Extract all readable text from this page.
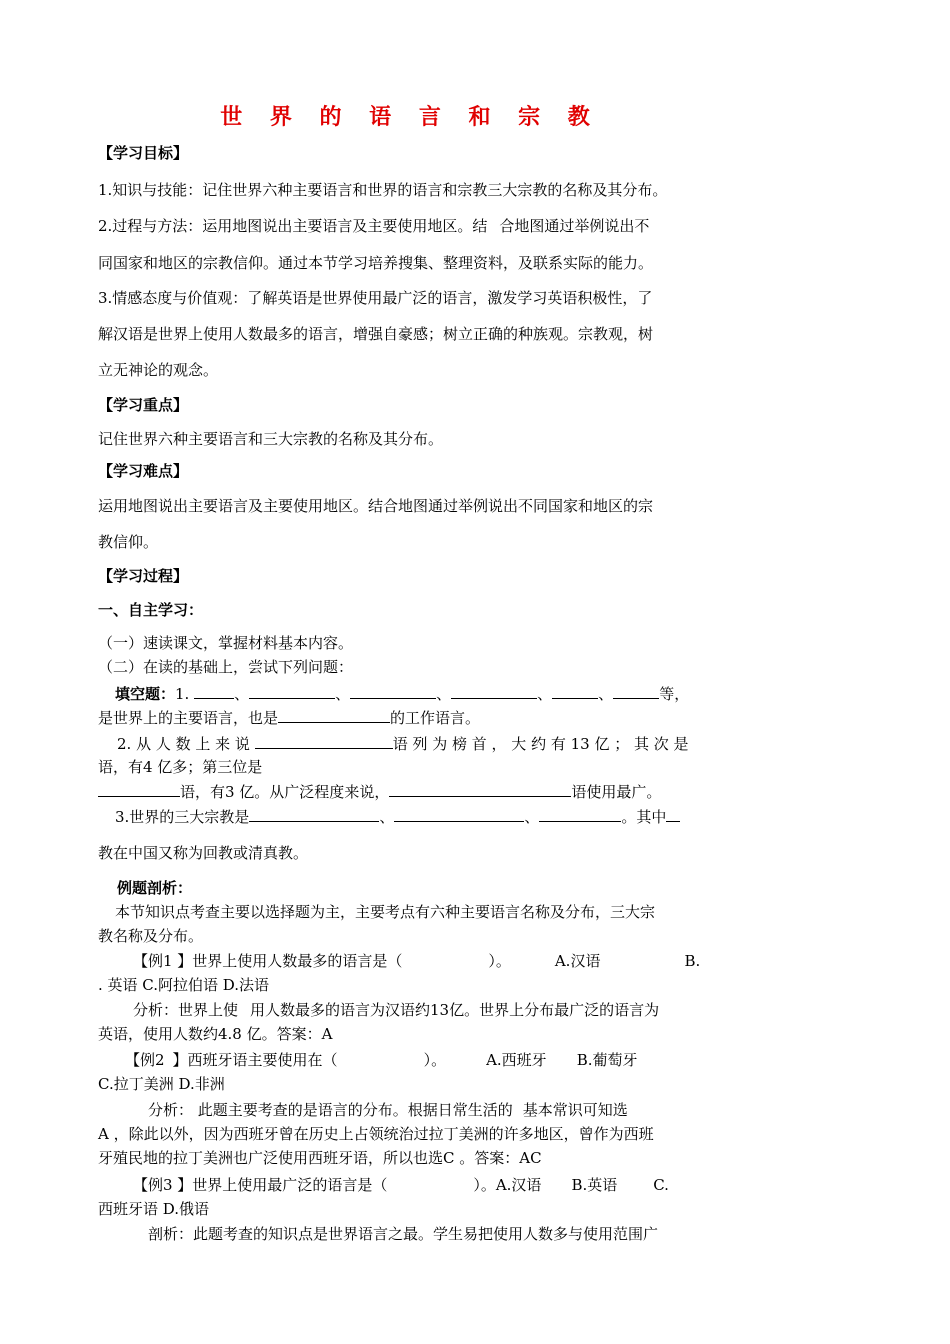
世 界 的 语 言 和 宗 教
【学习目标】
1.知识与技能：记住世界六种主要语言和世界的语言和宗教三大宗教的名称及其分布。
2.过程与方法：运用地图说出主要语言及主要使用地区。结 合地图通过举例说出不
同国家和地区的宗教信仰。通过本节学习培养搜集、整理资料，及联系实际的能力。
3.情感态度与价值观：了解英语是世界使用最广泛的语言，激发学习英语积极性，了
解汉语是世界上使用人数最多的语言，增强自豪感；树立正确的种族观。宗教观，树
立无神论的观念。
【学习重点】
记住世界六种主要语言和三大宗教的名称及其分布。
【学习难点】
运用地图说出主要语言及主要使用地区。结合地图通过举例说出不同国家和地区的宗
教信仰。
【学习过程】
一、自主学习：
（一）速读课文，掌握材料基本内容。
（二）在读的基础上，尝试下列问题：
填空题：1.	、	、	、	、	、	等，
是世界上的主要语言，也是	的工作语言。
2. 从 人 数 上 来 说	语 列 为 榜 首 ， 大 约 有 13 亿 ； 其 次 是
语，有4 亿多；第三位是
语，有3 亿。从广泛程度来说，	语使用最广。
3.世界的三大宗教是	、	、	。其中
教在中国又称为回教或清真教。
例题剖析：
本节知识点考查主要以选择题为主，主要考点有六种主要语言名称及分布，三大宗
教名称及分布。
【例1 】世界上使用人数最多的语言是（	）。	A.汉语	B.
. 英语 C.阿拉伯语 D.法语
分析：世界上使 用人数最多的语言为汉语约13亿。世界上分布最广泛的语言为
英语，使用人数约4.8 亿。答案：A
【例2 】西班牙语主要使用在（	）。	A.西班牙 B.葡萄牙
C.拉丁美洲 D.非洲
分析： 此题主要考查的是语言的分布。根据日常生活的 基本常识可知选
A ，除此以外，因为西班牙曾在历史上占领统治过拉丁美洲的许多地区，曾作为西班
牙殖民地的拉丁美洲也广泛使用西班牙语，所以也选C 。答案：AC
【例3 】世界上使用最广泛的语言是（	）。A.汉语 B.英语 C.
西班牙语 D.俄语
剖析：此题考查的知识点是世界语言之最。学生易把使用人数多与使用范围广
